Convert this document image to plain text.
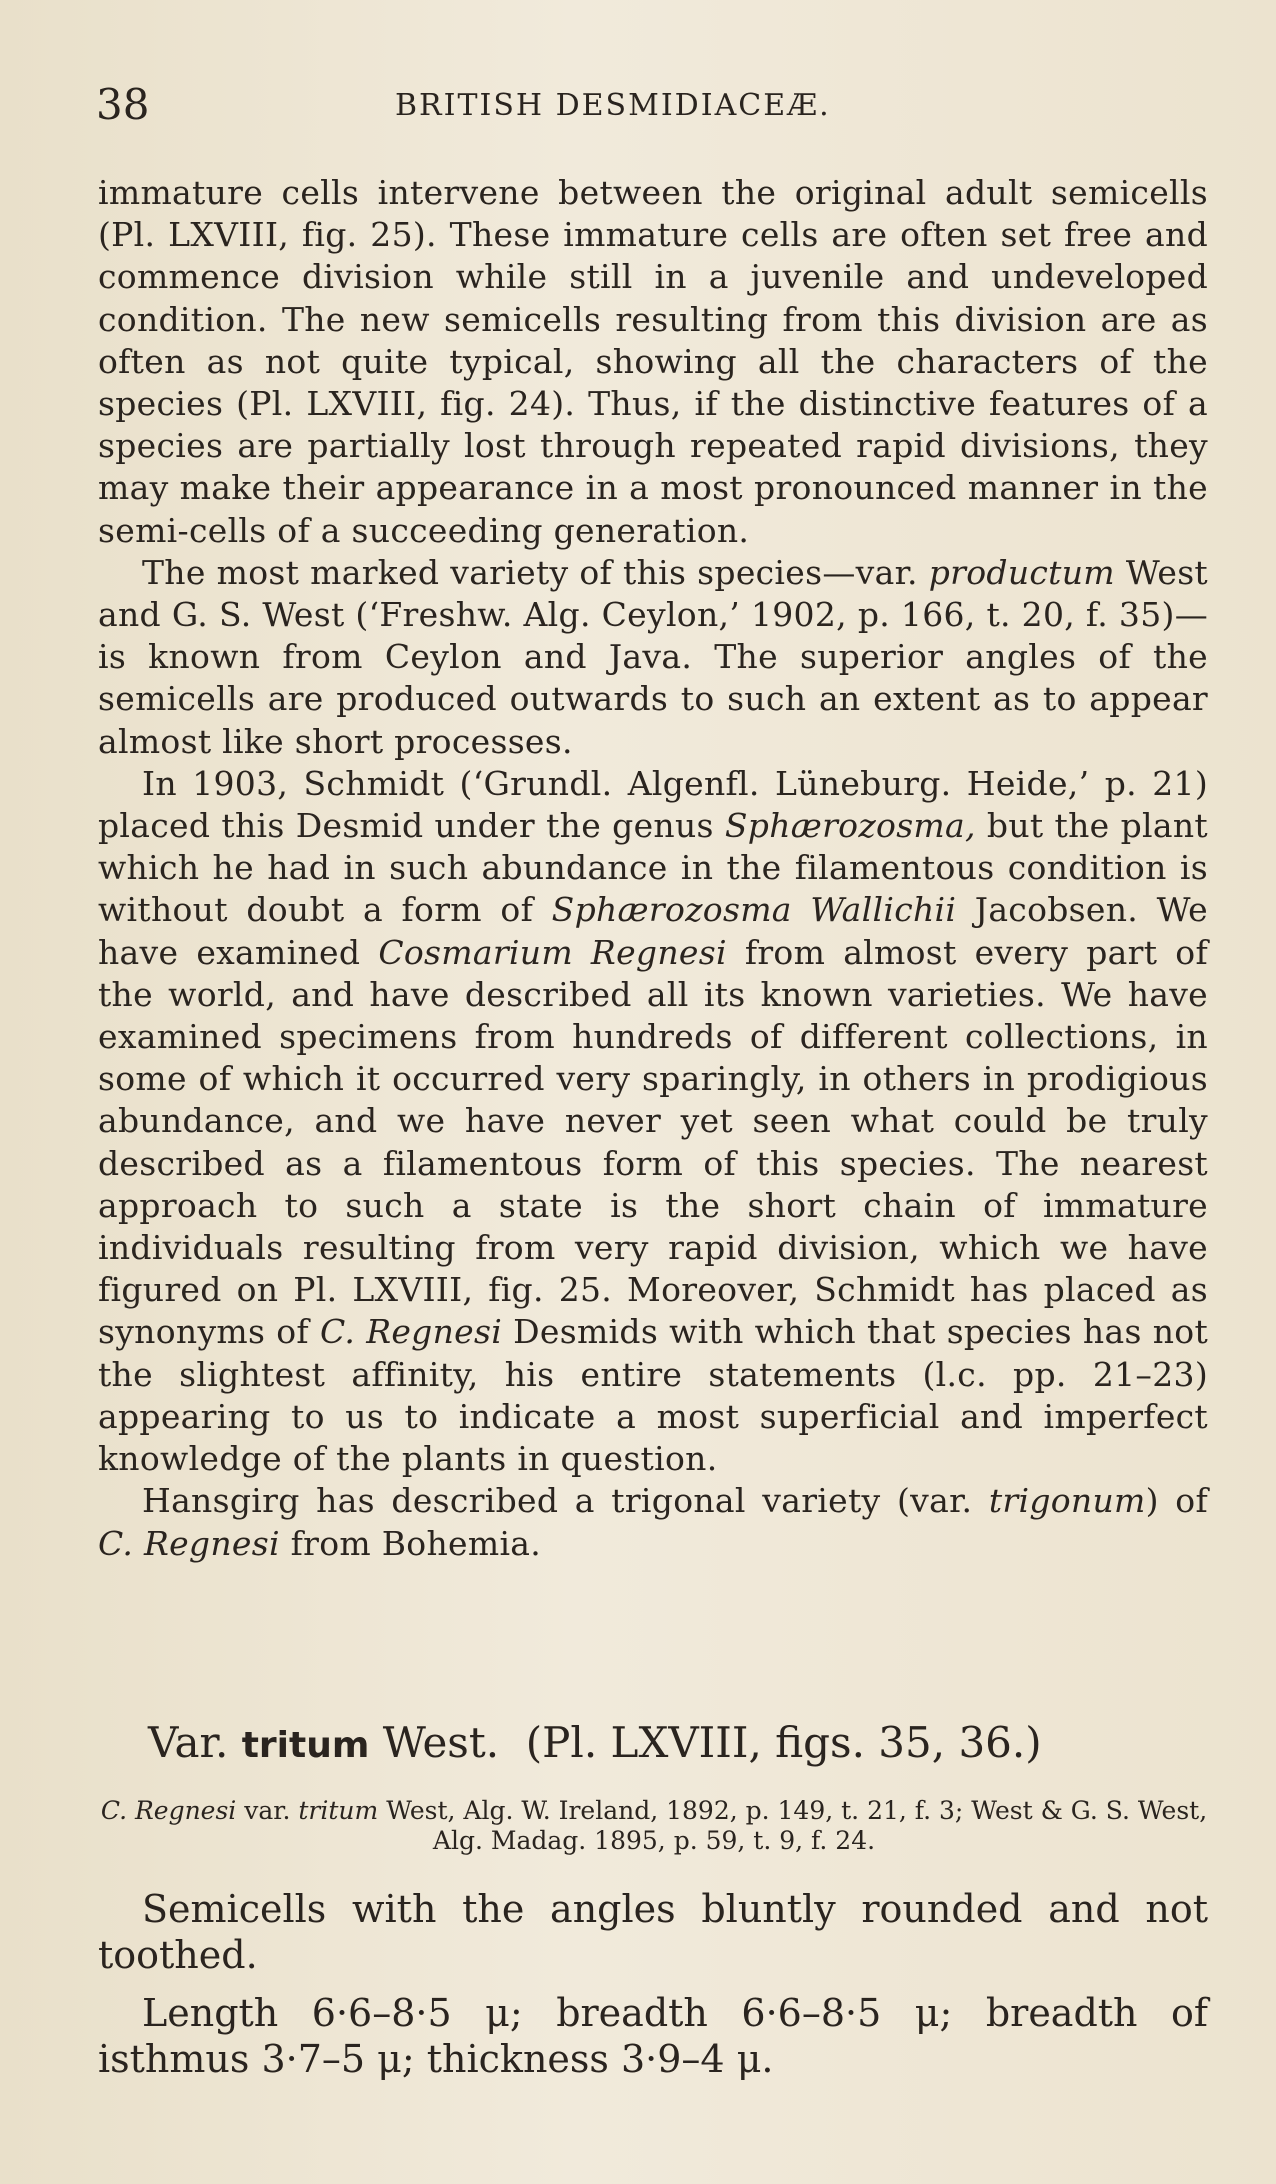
38	BRITISH DESMIDIACEÆ.

immature cells intervene between the original adult semicells (Pl. LXVIII, fig. 25). These immature cells are often set free and commence division while still in a juvenile and undeveloped condition. The new semicells resulting from this division are as often as not quite typical, showing all the characters of the species (Pl. LXVIII, fig. 24). Thus, if the distinctive features of a species are partially lost through repeated rapid divisions, they may make their appearance in a most pronounced manner in the semi-cells of a succeeding generation.

The most marked variety of this species—var. productum West and G. S. West (‘Freshw. Alg. Ceylon,’ 1902, p. 166, t. 20, f. 35)—is known from Ceylon and Java. The superior angles of the semicells are produced outwards to such an extent as to appear almost like short processes.

In 1903, Schmidt (‘Grundl. Algenfl. Lüneburg. Heide,’ p. 21) placed this Desmid under the genus Sphærozosma, but the plant which he had in such abundance in the filamentous condition is without doubt a form of Sphærozosma Wallichii Jacobsen. We have examined Cosmarium Regnesi from almost every part of the world, and have described all its known varieties. We have examined specimens from hundreds of different collections, in some of which it occurred very sparingly, in others in prodigious abundance, and we have never yet seen what could be truly described as a filamentous form of this species. The nearest approach to such a state is the short chain of immature individuals resulting from very rapid division, which we have figured on Pl. LXVIII, fig. 25. Moreover, Schmidt has placed as synonyms of C. Regnesi Desmids with which that species has not the slightest affinity, his entire statements (l.c. pp. 21–23) appearing to us to indicate a most superficial and imperfect knowledge of the plants in question.

Hansgirg has described a trigonal variety (var. trigonum) of C. Regnesi from Bohemia.

Var. tritum West. (Pl. LXVIII, figs. 35, 36.)
C. Regnesi var. tritum West, Alg. W. Ireland, 1892, p. 149, t. 21, f. 3; West & G. S. West, Alg. Madag. 1895, p. 59, t. 9, f. 24.

Semicells with the angles bluntly rounded and not toothed.

Length 6·6–8·5 μ; breadth 6·6–8·5 μ; breadth of isthmus 3·7–5 μ; thickness 3·9–4 μ.
